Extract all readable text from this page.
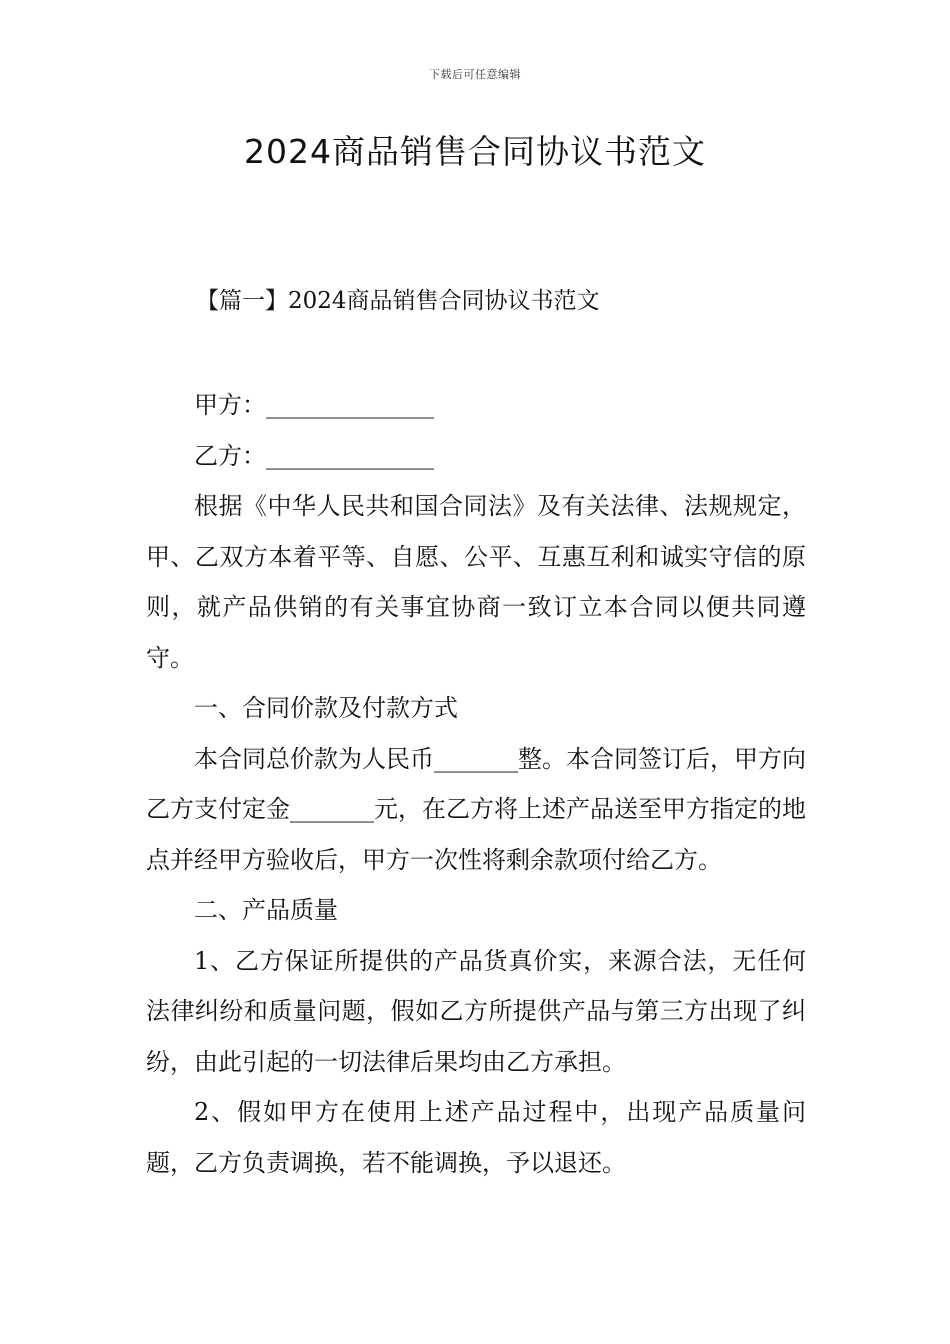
下载后可任意编辑
2024商品销售合同协议书范文
【篇一】2024商品销售合同协议书范文

甲方：______________

乙方：______________

根据《中华人民共和国合同法》及有关法律、法规规定，甲、乙双方本着平等、自愿、公平、互惠互利和诚实守信的原则，就产品供销的有关事宜协商一致订立本合同以便共同遵守。

一、合同价款及付款方式

本合同总价款为人民币_______整。本合同签订后，甲方向乙方支付定金_______元，在乙方将上述产品送至甲方指定的地点并经甲方验收后，甲方一次性将剩余款项付给乙方。

二、产品质量

1、乙方保证所提供的产品货真价实，来源合法，无任何法律纠纷和质量问题，假如乙方所提供产品与第三方出现了纠纷，由此引起的一切法律后果均由乙方承担。

2、假如甲方在使用上述产品过程中，出现产品质量问题，乙方负责调换，若不能调换，予以退还。
